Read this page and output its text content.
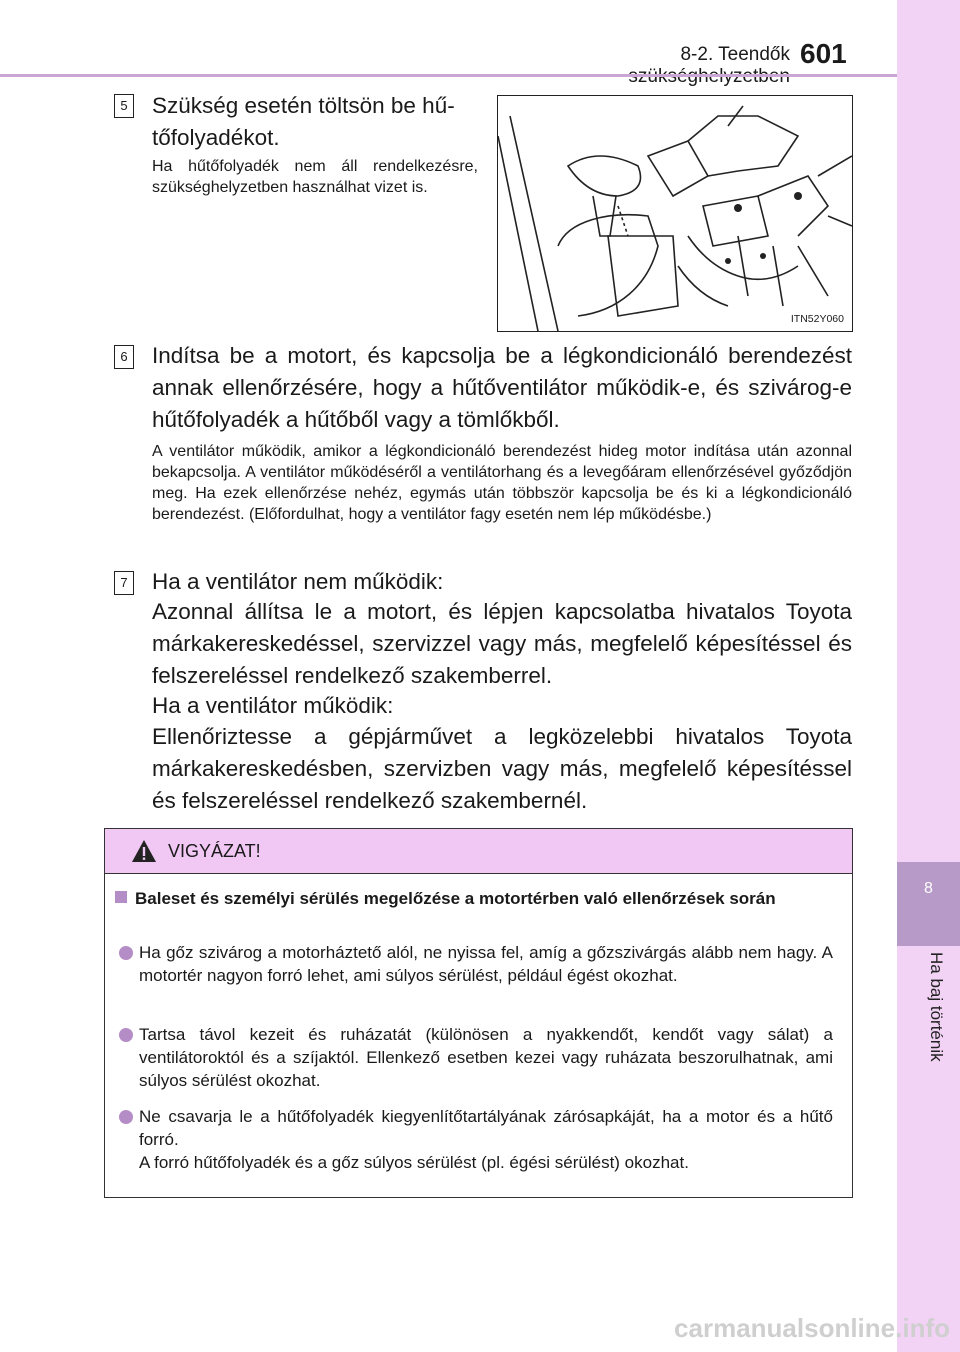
8-2. Teendők 601
8
Ha baj történik
5 Szükség esetén töltsön be hű-
tőfolyadékot.
Ha hűtőfolyadék nem áll rendelkezésre, szükséghelyzetben használhat vizet is.
ITN52Y060
6 Indítsa be a motort, és kapcsolja be a légkondicionáló berendezést annak ellenőrzésére, hogy a hűtőventilátor működik-e, és szivárog-e hűtőfolyadék a hűtőből vagy a tömlőkből.
A ventilátor működik, amikor a légkondicionáló berendezést hideg motor indítása után azonnal bekapcsolja. A ventilátor működéséről a ventilátorhang és a levegőáram ellenőrzésével győződjön meg. Ha ezek ellenőrzése nehéz, egymás után többször kapcsolja be és ki a légkondicionáló berendezést. (Előfordulhat, hogy a ventilátor fagy esetén nem lép működésbe.)
7 Ha a ventilátor nem működik:
Azonnal állítsa le a motort, és lépjen kapcsolatba hivatalos Toyota márkakereskedéssel, szervizzel vagy más, megfelelő képesítéssel és felszereléssel rendelkező szakemberrel.
Ha a ventilátor működik:
Ellenőriztesse a gépjárművet a legközelebbi hivatalos Toyota márkakereskedésben, szervizben vagy más, megfelelő képesítéssel és felszereléssel rendelkező szakembernél.
VIGYÁZAT!
Baleset és személyi sérülés megelőzése a motortérben való ellenőrzések során
Ha gőz szivárog a motorháztető alól, ne nyissa fel, amíg a gőzszivárgás alább nem hagy. A motortér nagyon forró lehet, ami súlyos sérülést, például égést okozhat.
Tartsa távol kezeit és ruházatát (különösen a nyakkendőt, kendőt vagy sálat) a ventilátoroktól és a szíjaktól. Ellenkező esetben kezei vagy ruházata beszorulhatnak, ami súlyos sérülést okozhat.
Ne csavarja le a hűtőfolyadék kiegyenlítőtartályának zárósapkáját, ha a motor és a hűtő forró.
A forró hűtőfolyadék és a gőz súlyos sérülést (pl. égési sérülést) okozhat.
carmanualsonline.info
